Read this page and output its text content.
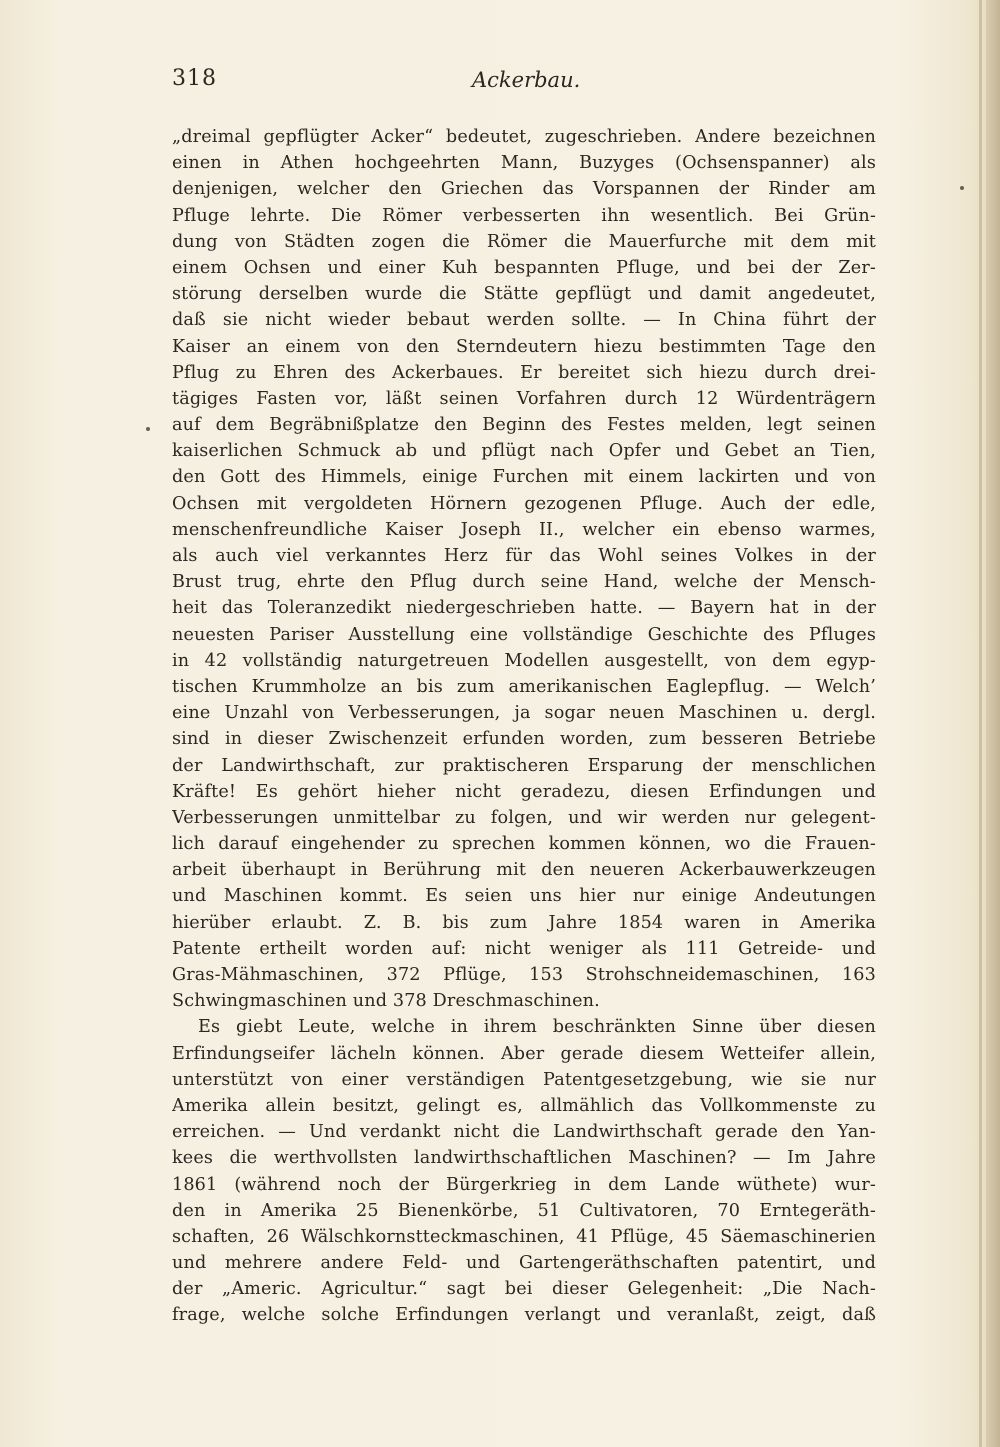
318	Ackerbau.
„dreimal gepflügter Acker“ bedeutet, zugeschrieben. Andere bezeichnen
einen in Athen hochgeehrten Mann, Buzyges (Ochsenspanner) als
denjenigen, welcher den Griechen das Vorspannen der Rinder am
Pfluge lehrte. Die Römer verbesserten ihn wesentlich. Bei Grün-
dung von Städten zogen die Römer die Mauerfurche mit dem mit
einem Ochsen und einer Kuh bespannten Pfluge, und bei der Zer-
störung derselben wurde die Stätte gepflügt und damit angedeutet,
daß sie nicht wieder bebaut werden sollte. — In China führt der
Kaiser an einem von den Sterndeutern hiezu bestimmten Tage den
Pflug zu Ehren des Ackerbaues. Er bereitet sich hiezu durch drei-
tägiges Fasten vor, läßt seinen Vorfahren durch 12 Würdenträgern
auf dem Begräbnißplatze den Beginn des Festes melden, legt seinen
kaiserlichen Schmuck ab und pflügt nach Opfer und Gebet an Tien,
den Gott des Himmels, einige Furchen mit einem lackirten und von
Ochsen mit vergoldeten Hörnern gezogenen Pfluge. Auch der edle,
menschenfreundliche Kaiser Joseph II., welcher ein ebenso warmes,
als auch viel verkanntes Herz für das Wohl seines Volkes in der
Brust trug, ehrte den Pflug durch seine Hand, welche der Mensch-
heit das Toleranzedikt niedergeschrieben hatte. — Bayern hat in der
neuesten Pariser Ausstellung eine vollständige Geschichte des Pfluges
in 42 vollständig naturgetreuen Modellen ausgestellt, von dem egyp-
tischen Krummholze an bis zum amerikanischen Eaglepflug. — Welch’
eine Unzahl von Verbesserungen, ja sogar neuen Maschinen u. dergl.
sind in dieser Zwischenzeit erfunden worden, zum besseren Betriebe
der Landwirthschaft, zur praktischeren Ersparung der menschlichen
Kräfte! Es gehört hieher nicht geradezu, diesen Erfindungen und
Verbesserungen unmittelbar zu folgen, und wir werden nur gelegent-
lich darauf eingehender zu sprechen kommen können, wo die Frauen-
arbeit überhaupt in Berührung mit den neueren Ackerbauwerkzeugen
und Maschinen kommt. Es seien uns hier nur einige Andeutungen
hierüber erlaubt. Z. B. bis zum Jahre 1854 waren in Amerika
Patente ertheilt worden auf: nicht weniger als 111 Getreide- und
Gras-Mähmaschinen, 372 Pflüge, 153 Strohschneidemaschinen, 163
Schwingmaschinen und 378 Dreschmaschinen.
Es giebt Leute, welche in ihrem beschränkten Sinne über diesen
Erfindungseifer lächeln können. Aber gerade diesem Wetteifer allein,
unterstützt von einer verständigen Patentgesetzgebung, wie sie nur
Amerika allein besitzt, gelingt es, allmählich das Vollkommenste zu
erreichen. — Und verdankt nicht die Landwirthschaft gerade den Yan-
kees die werthvollsten landwirthschaftlichen Maschinen? — Im Jahre
1861 (während noch der Bürgerkrieg in dem Lande wüthete) wur-
den in Amerika 25 Bienenkörbe, 51 Cultivatoren, 70 Erntegeräth-
schaften, 26 Wälschkornstteckmaschinen, 41 Pflüge, 45 Säemaschinerien
und mehrere andere Feld- und Gartengeräthschaften patentirt, und
der „Americ. Agricultur.“ sagt bei dieser Gelegenheit: „Die Nach-
frage, welche solche Erfindungen verlangt und veranlaßt, zeigt, daß
